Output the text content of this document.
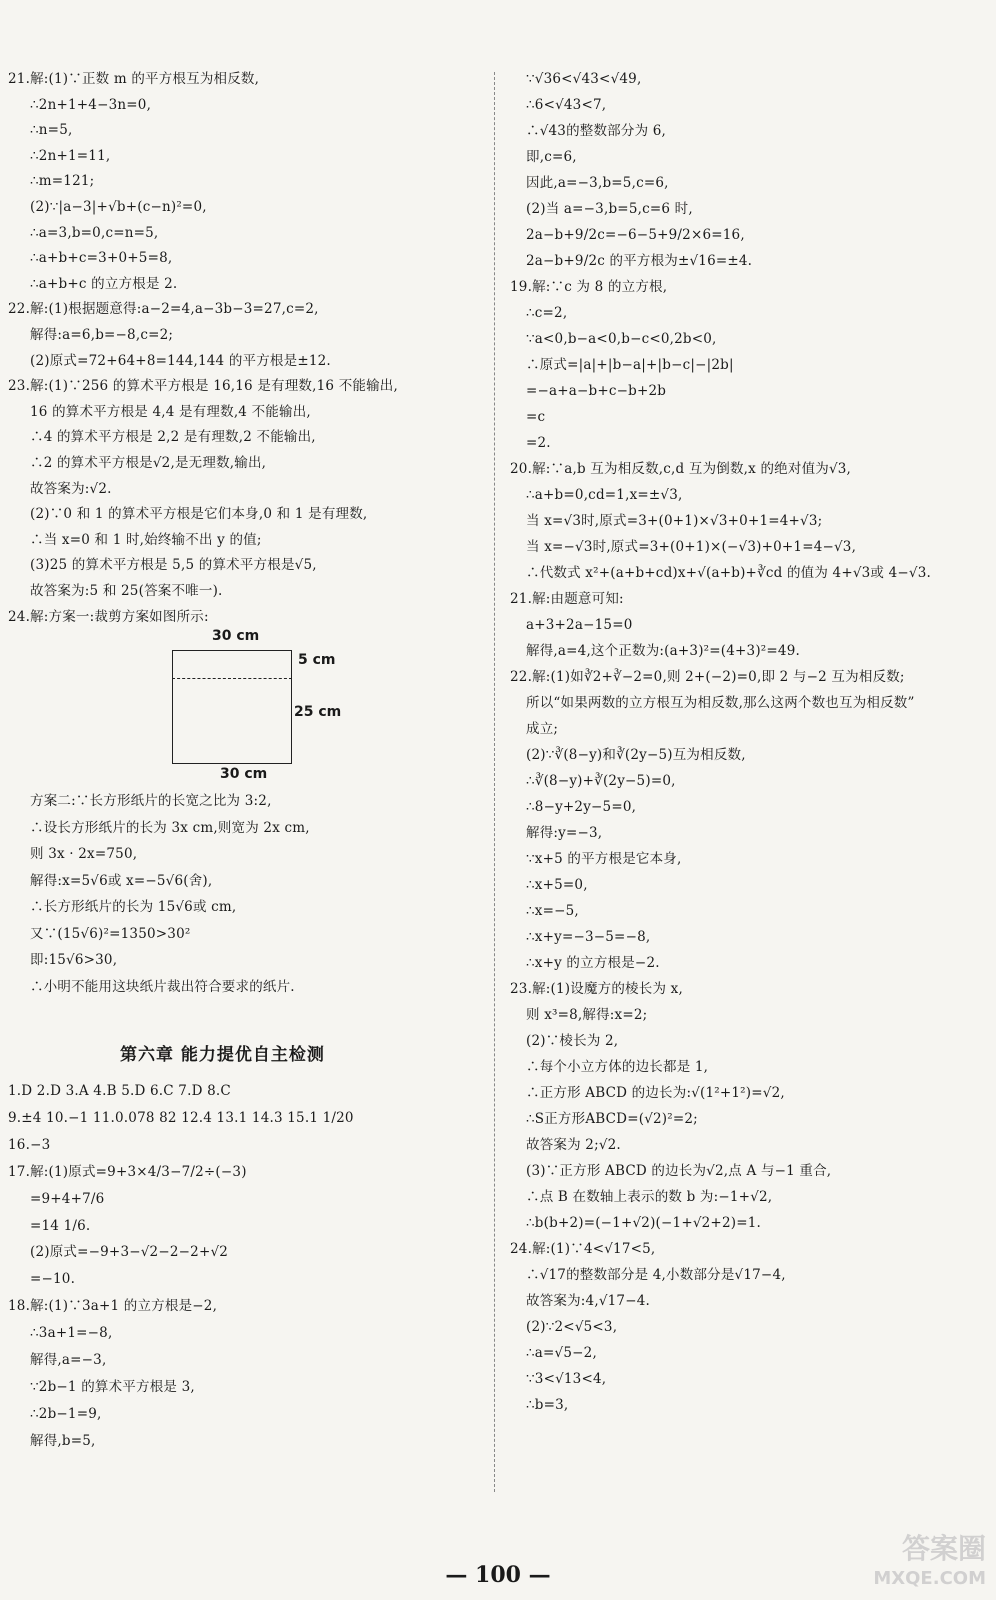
21.解:(1)∵正数 m 的平方根互为相反数,
∴2n+1+4−3n=0,
∴n=5,
∴2n+1=11,
∴m=121;
(2)∵|a−3|+√b+(c−n)²=0,
∴a=3,b=0,c=n=5,
∴a+b+c=3+0+5=8,
∴a+b+c 的立方根是 2.
22.解:(1)根据题意得:a−2=4,a−3b−3=27,c=2,
解得:a=6,b=−8,c=2;
(2)原式=72+64+8=144,144 的平方根是±12.
23.解:(1)∵256 的算术平方根是 16,16 是有理数,16 不能输出,
16 的算术平方根是 4,4 是有理数,4 不能输出,
∴4 的算术平方根是 2,2 是有理数,2 不能输出,
∴2 的算术平方根是√2,是无理数,输出,
故答案为:√2.
(2)∵0 和 1 的算术平方根是它们本身,0 和 1 是有理数,
∴当 x=0 和 1 时,始终输不出 y 的值;
(3)25 的算术平方根是 5,5 的算术平方根是√5,
故答案为:5 和 25(答案不唯一).
24.解:方案一:裁剪方案如图所示:
方案二:∵长方形纸片的长宽之比为 3:2,
∴设长方形纸片的长为 3x cm,则宽为 2x cm,
则 3x · 2x=750,
解得:x=5√6或 x=−5√6(舍),
∴长方形纸片的长为 15√6或 cm,
又∵(15√6)²=1350>30²
即:15√6>30,
∴小明不能用这块纸片裁出符合要求的纸片.
1.D 2.D 3.A 4.B 5.D 6.C 7.D 8.C
9.±4 10.−1 11.0.078 82 12.4 13.1 14.3 15.1 1/20
16.−3
17.解:(1)原式=9+3×4/3−7/2÷(−3)
=9+4+7/6
=14 1/6.
(2)原式=−9+3−√2−2−2+√2
=−10.
18.解:(1)∵3a+1 的立方根是−2,
∴3a+1=−8,
解得,a=−3,
∵2b−1 的算术平方根是 3,
∴2b−1=9,
解得,b=5,
∵√36<√43<√49,
∴6<√43<7,
∴√43的整数部分为 6,
即,c=6,
因此,a=−3,b=5,c=6,
(2)当 a=−3,b=5,c=6 时,
2a−b+9/2c=−6−5+9/2×6=16,
2a−b+9/2c 的平方根为±√16=±4.
19.解:∵c 为 8 的立方根,
∴c=2,
∵a<0,b−a<0,b−c<0,2b<0,
∴原式=|a|+|b−a|+|b−c|−|2b|
=−a+a−b+c−b+2b
=c
=2.
20.解:∵a,b 互为相反数,c,d 互为倒数,x 的绝对值为√3,
∴a+b=0,cd=1,x=±√3,
当 x=√3时,原式=3+(0+1)×√3+0+1=4+√3;
当 x=−√3时,原式=3+(0+1)×(−√3)+0+1=4−√3,
∴代数式 x²+(a+b+cd)x+√(a+b)+∛cd 的值为 4+√3或 4−√3.
21.解:由题意可知:
a+3+2a−15=0
解得,a=4,这个正数为:(a+3)²=(4+3)²=49.
22.解:(1)如∛2+∛−2=0,则 2+(−2)=0,即 2 与−2 互为相反数;
所以“如果两数的立方根互为相反数,那么这两个数也互为相反数”
成立;
(2)∵∛(8−y)和∛(2y−5)互为相反数,
∴∛(8−y)+∛(2y−5)=0,
∴8−y+2y−5=0,
解得:y=−3,
∵x+5 的平方根是它本身,
∴x+5=0,
∴x=−5,
∴x+y=−3−5=−8,
∴x+y 的立方根是−2.
23.解:(1)设魔方的棱长为 x,
则 x³=8,解得:x=2;
(2)∵棱长为 2,
∴每个小立方体的边长都是 1,
∴正方形 ABCD 的边长为:√(1²+1²)=√2,
∴S正方形ABCD=(√2)²=2;
故答案为 2;√2.
(3)∵正方形 ABCD 的边长为√2,点 A 与−1 重合,
∴点 B 在数轴上表示的数 b 为:−1+√2,
∴b(b+2)=(−1+√2)(−1+√2+2)=1.
24.解:(1)∵4<√17<5,
∴√17的整数部分是 4,小数部分是√17−4,
故答案为:4,√17−4.
(2)∵2<√5<3,
∴a=√5−2,
∵3<√13<4,
∴b=3,
30 cm
5 cm
25 cm
30 cm
第六章 能力提优自主检测
— 100 —
答案圈
MXQE.COM
